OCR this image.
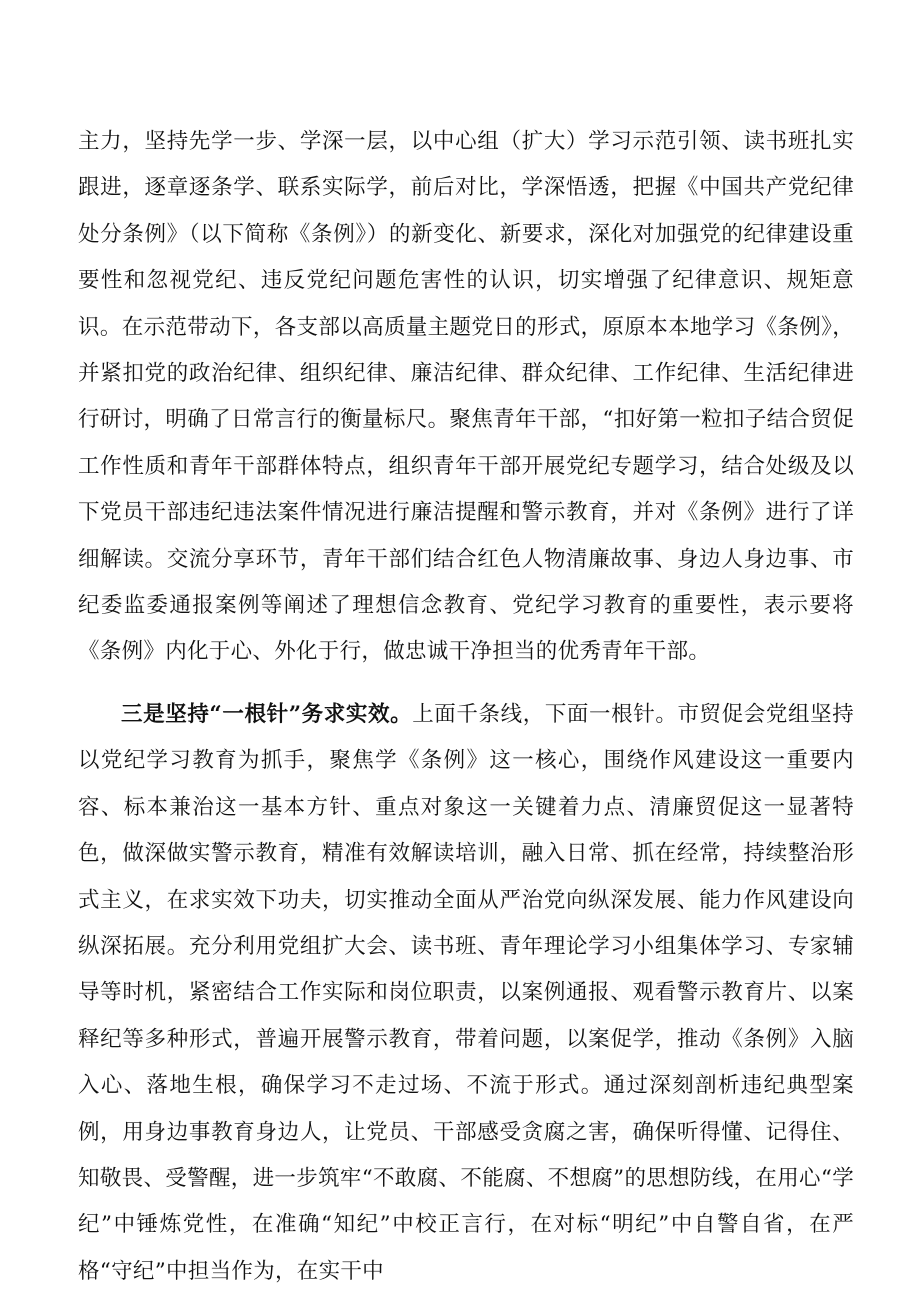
主力，坚持先学一步、学深一层，以中心组（扩大）学习示范引领、读书班扎实跟进，逐章逐条学、联系实际学，前后对比，学深悟透，把握《中国共产党纪律处分条例》（以下简称《条例》）的新变化、新要求，深化对加强党的纪律建设重要性和忽视党纪、违反党纪问题危害性的认识，切实增强了纪律意识、规矩意识。在示范带动下，各支部以高质量主题党日的形式，原原本本地学习《条例》，并紧扣党的政治纪律、组织纪律、廉洁纪律、群众纪律、工作纪律、生活纪律进行研讨，明确了日常言行的衡量标尺。聚焦青年干部，“扣好第一粒扣子结合贸促工作性质和青年干部群体特点，组织青年干部开展党纪专题学习，结合处级及以下党员干部违纪违法案件情况进行廉洁提醒和警示教育，并对《条例》进行了详细解读。交流分享环节，青年干部们结合红色人物清廉故事、身边人身边事、市纪委监委通报案例等阐述了理想信念教育、党纪学习教育的重要性，表示要将《条例》内化于心、外化于行，做忠诚干净担当的优秀青年干部。

三是坚持“一根针”务求实效。上面千条线，下面一根针。市贸促会党组坚持以党纪学习教育为抓手，聚焦学《条例》这一核心，围绕作风建设这一重要内容、标本兼治这一基本方针、重点对象这一关键着力点、清廉贸促这一显著特色，做深做实警示教育，精准有效解读培训，融入日常、抓在经常，持续整治形式主义，在求实效下功夫，切实推动全面从严治党向纵深发展、能力作风建设向纵深拓展。充分利用党组扩大会、读书班、青年理论学习小组集体学习、专家辅导等时机，紧密结合工作实际和岗位职责，以案例通报、观看警示教育片、以案释纪等多种形式，普遍开展警示教育，带着问题，以案促学，推动《条例》入脑入心、落地生根，确保学习不走过场、不流于形式。通过深刻剖析违纪典型案例，用身边事教育身边人，让党员、干部感受贪腐之害，确保听得懂、记得住、知敬畏、受警醒，进一步筑牢“不敢腐、不能腐、不想腐”的思想防线，在用心“学纪”中锤炼党性，在准确“知纪”中校正言行，在对标“明纪”中自警自省，在严格“守纪”中担当作为，在实干中
